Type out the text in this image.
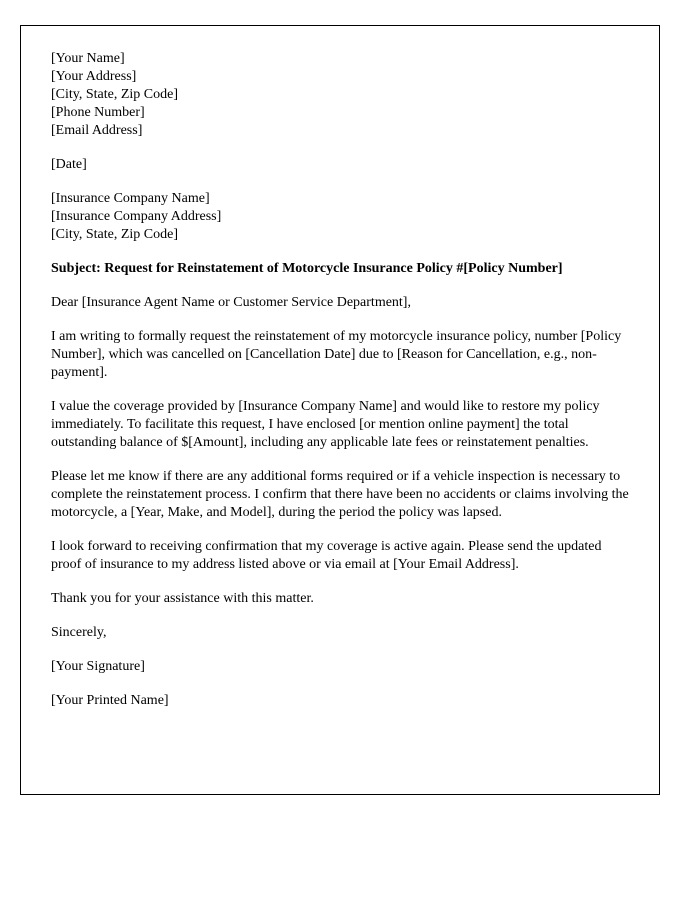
[Your Name]
[Your Address]
[City, State, Zip Code]
[Phone Number]
[Email Address]
[Date]
[Insurance Company Name]
[Insurance Company Address]
[City, State, Zip Code]

Subject: Request for Reinstatement of Motorcycle Insurance Policy #[Policy Number]

Dear [Insurance Agent Name or Customer Service Department],

I am writing to formally request the reinstatement of my motorcycle insurance policy, number [Policy Number], which was cancelled on [Cancellation Date] due to [Reason for Cancellation, e.g., non-payment].

I value the coverage provided by [Insurance Company Name] and would like to restore my policy immediately. To facilitate this request, I have enclosed [or mention online payment] the total outstanding balance of $[Amount], including any applicable late fees or reinstatement penalties.

Please let me know if there are any additional forms required or if a vehicle inspection is necessary to complete the reinstatement process. I confirm that there have been no accidents or claims involving the motorcycle, a [Year, Make, and Model], during the period the policy was lapsed.

I look forward to receiving confirmation that my coverage is active again. Please send the updated proof of insurance to my address listed above or via email at [Your Email Address].

Thank you for your assistance with this matter.

Sincerely,

[Your Signature]

[Your Printed Name]
